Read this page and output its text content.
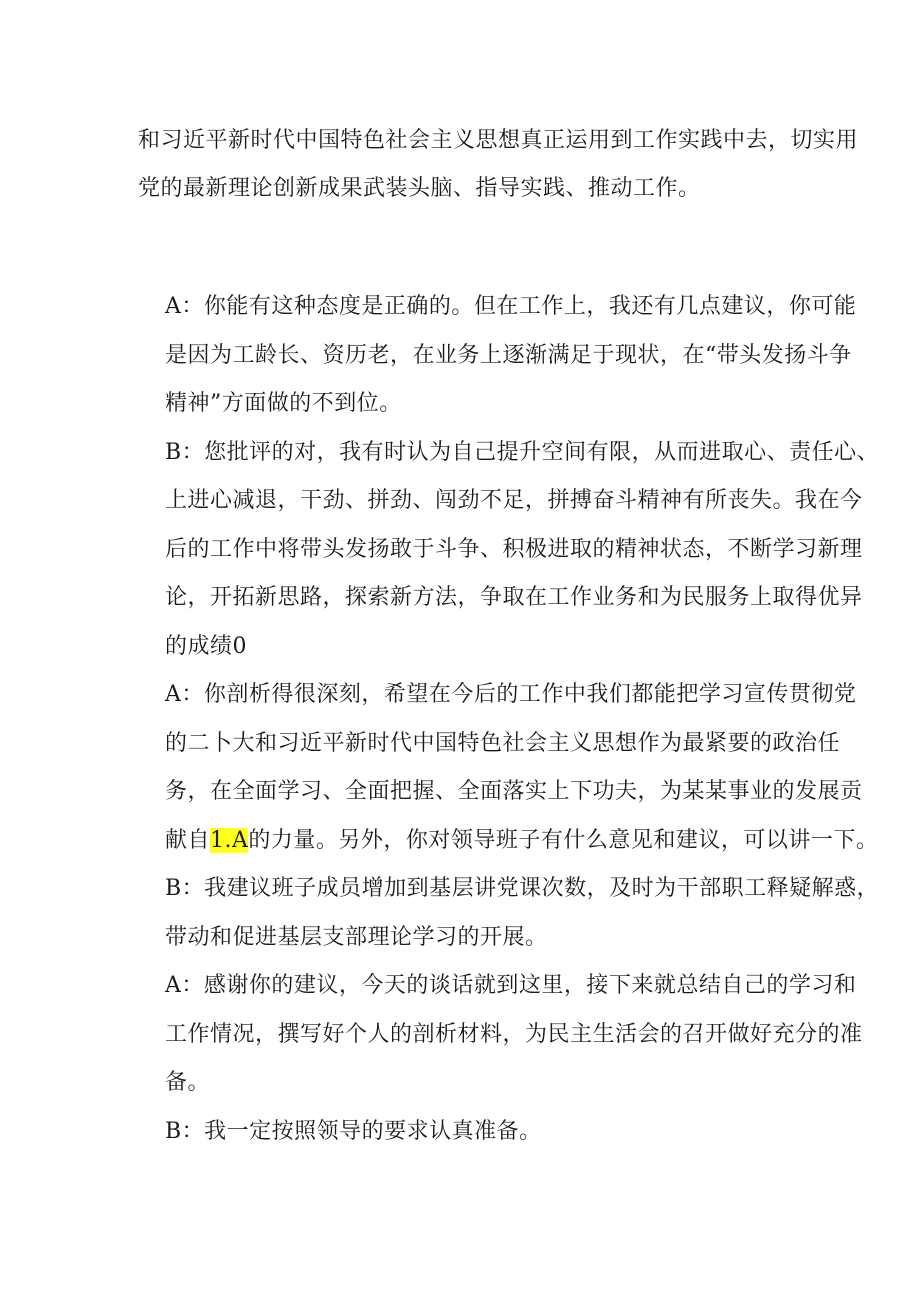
和习近平新时代中国特色社会主义思想真正运用到工作实践中去，切实用
党的最新理论创新成果武装头脑、指导实践、推动工作。
A：你能有这种态度是正确的。但在工作上，我还有几点建议，你可能
是因为工龄长、资历老，在业务上逐渐满足于现状，在“带头发扬斗争
精神”方面做的不到位。
B：您批评的对，我有时认为自己提升空间有限，从而进取心、责任心、
上进心减退，干劲、拼劲、闯劲不足，拼搏奋斗精神有所丧失。我在今
后的工作中将带头发扬敢于斗争、积极进取的精神状态，不断学习新理
论，开拓新思路，探索新方法，争取在工作业务和为民服务上取得优异
的成绩0
A：你剖析得很深刻，希望在今后的工作中我们都能把学习宣传贯彻党
的二卜大和习近平新时代中国特色社会主义思想作为最紧要的政治任
务，在全面学习、全面把握、全面落实上下功夫，为某某事业的发展贡
献自1.A的力量。另外，你对领导班子有什么意见和建议，可以讲一下。
B：我建议班子成员增加到基层讲党课次数，及时为干部职工释疑解惑，
带动和促进基层支部理论学习的开展。
A：感谢你的建议，今天的谈话就到这里，接下来就总结自己的学习和
工作情况，撰写好个人的剖析材料，为民主生活会的召开做好充分的准
备。
B：我一定按照领导的要求认真准备。
